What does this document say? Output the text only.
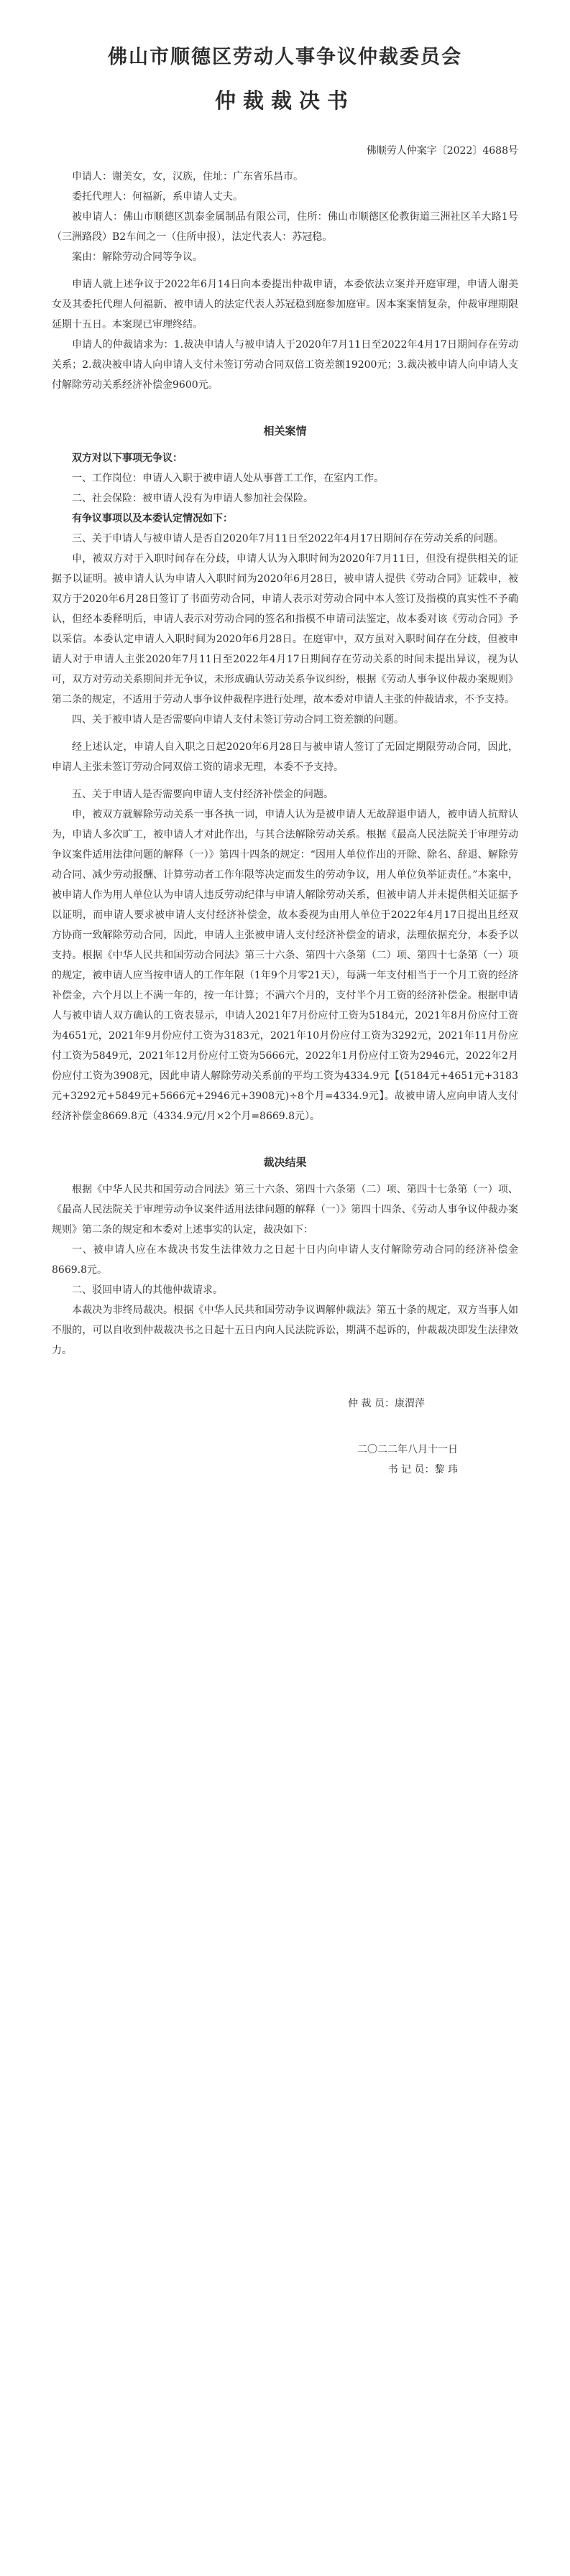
佛山市顺德区劳动人事争议仲裁委员会
仲裁裁决书
佛顺劳人仲案字〔2022〕4688号

申请人：谢美女，女，汉族，住址：广东省乐昌市。

委托代理人：何福新，系申请人丈夫。

被申请人：佛山市顺德区凯泰金属制品有限公司，住所：佛山市顺德区伦教街道三洲社区羊大路1号（三洲路段）B2车间之一（住所申报），法定代表人：苏冠稳。

案由：解除劳动合同等争议。

申请人就上述争议于2022年6月14日向本委提出仲裁申请，本委依法立案并开庭审理，申请人谢美女及其委托代理人何福新、被申请人的法定代表人苏冠稳到庭参加庭审。因本案案情复杂，仲裁审理期限延期十五日。本案现已审理终结。

申请人的仲裁请求为：1.裁决申请人与被申请人于2020年7月11日至2022年4月17日期间存在劳动关系；2.裁决被申请人向申请人支付未签订劳动合同双倍工资差额19200元；3.裁决被申请人向申请人支付解除劳动关系经济补偿金9600元。

相关案情

双方对以下事项无争议：

一、工作岗位：申请人入职于被申请人处从事普工工作，在室内工作。

二、社会保险：被申请人没有为申请人参加社会保险。

有争议事项以及本委认定情况如下：

三、关于申请人与被申请人是否自2020年7月11日至2022年4月17日期间存在劳动关系的问题。

申，被双方对于入职时间存在分歧，申请人认为入职时间为2020年7月11日，但没有提供相关的证据予以证明。被申请人认为申请人入职时间为2020年6月28日，被申请人提供《劳动合同》证载申，被双方于2020年6月28日签订了书面劳动合同，申请人表示对劳动合同中本人签订及指模的真实性不予确认，但经本委释明后，申请人表示对劳动合同的签名和指模不申请司法鉴定，故本委对该《劳动合同》予以采信。本委认定申请人入职时间为2020年6月28日。在庭审中，双方虽对入职时间存在分歧，但被申请人对于申请人主张2020年7月11日至2022年4月17日期间存在劳动关系的时间未提出异议，视为认可，双方对劳动关系期间并无争议，未形成确认劳动关系争议纠纷，根据《劳动人事争议仲裁办案规则》第二条的规定，不适用于劳动人事争议仲裁程序进行处理，故本委对申请人主张的仲裁请求，不予支持。

四、关于被申请人是否需要向申请人支付未签订劳动合同工资差额的问题。

经上述认定，申请人自入职之日起2020年6月28日与被申请人签订了无固定期限劳动合同，因此，申请人主张未签订劳动合同双倍工资的请求无理，本委不予支持。

五、关于申请人是否需要向申请人支付经济补偿金的问题。

申，被双方就解除劳动关系一事各执一词，申请人认为是被申请人无故辞退申请人，被申请人抗辩认为，申请人多次旷工，被申请人才对此作出，与其合法解除劳动关系。根据《最高人民法院关于审理劳动争议案件适用法律问题的解释（一）》第四十四条的规定：“因用人单位作出的开除、除名、辞退、解除劳动合同、减少劳动报酬、计算劳动者工作年限等决定而发生的劳动争议，用人单位负举证责任。”本案中，被申请人作为用人单位认为申请人违反劳动纪律与申请人解除劳动关系，但被申请人并未提供相关证据予以证明，而申请人要求被申请人支付经济补偿金，故本委视为由用人单位于2022年4月17日提出且经双方协商一致解除劳动合同，因此，申请人主张被申请人支付经济补偿金的请求，法理依据充分，本委予以支持。根据《中华人民共和国劳动合同法》第三十六条、第四十六条第（二）项、第四十七条第（一）项的规定，被申请人应当按申请人的工作年限（1年9个月零21天），每满一年支付相当于一个月工资的经济补偿金，六个月以上不满一年的，按一年计算；不满六个月的，支付半个月工资的经济补偿金。根据申请人与被申请人双方确认的工资表显示，申请人2021年7月份应付工资为5184元，2021年8月份应付工资为4651元，2021年9月份应付工资为3183元，2021年10月份应付工资为3292元，2021年11月份应付工资为5849元，2021年12月份应付工资为5666元，2022年1月份应付工资为2946元，2022年2月份应付工资为3908元，因此申请人解除劳动关系前的平均工资为4334.9元【(5184元+4651元+3183元+3292元+5849元+5666元+2946元+3908元)÷8个月=4334.9元】。故被申请人应向申请人支付经济补偿金8669.8元（4334.9元/月×2个月=8669.8元）。

裁决结果

根据《中华人民共和国劳动合同法》第三十六条、第四十六条第（二）项、第四十七条第（一）项、《最高人民法院关于审理劳动争议案件适用法律问题的解释（一）》第四十四条、《劳动人事争议仲裁办案规则》第二条的规定和本委对上述事实的认定，裁决如下：

一、被申请人应在本裁决书发生法律效力之日起十日内向申请人支付解除劳动合同的经济补偿金8669.8元。

二、驳回申请人的其他仲裁请求。

本裁决为非终局裁决。根据《中华人民共和国劳动争议调解仲裁法》第五十条的规定，双方当事人如不服的，可以自收到仲裁裁决书之日起十五日内向人民法院诉讼，期满不起诉的，仲裁裁决即发生法律效力。

仲 裁 员：康渭萍
二〇二二年八月十一日
书 记 员：黎 玮
